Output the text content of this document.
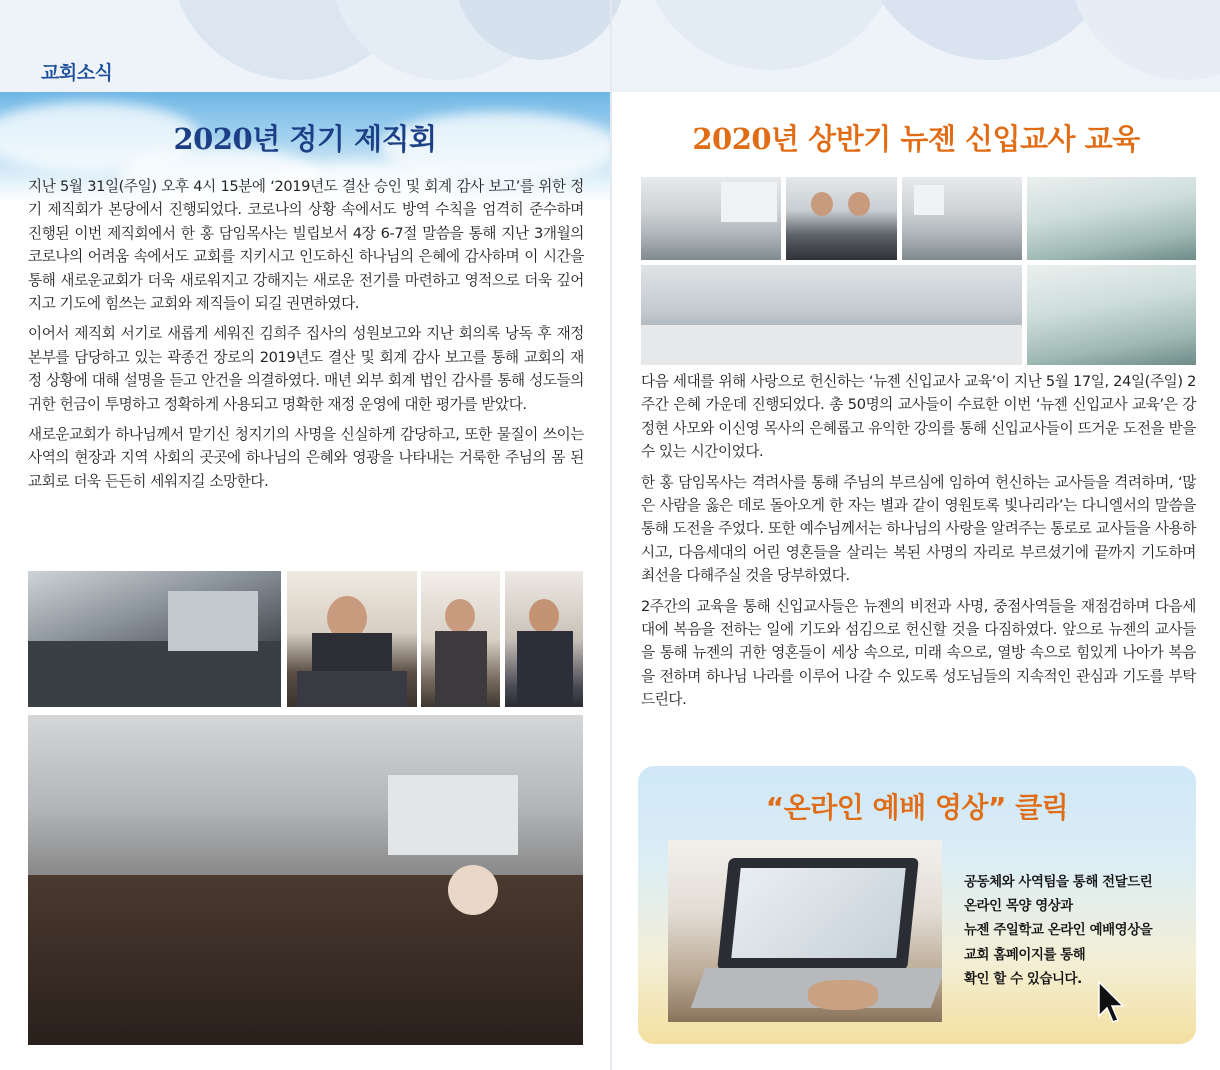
교회소식
2020년 정기 제직회	2020년 상반기 뉴젠 신입교사 교육

지난 5월 31일(주일) 오후 4시 15분에 ‘2019년도 결산 승인 및 회계 감사 보고’를 위한 정기 제직회가 본당에서 진행되었다. 코로나의 상황 속에서도 방역 수칙을 엄격히 준수하며 진행된 이번 제직회에서 한 홍 담임목사는 빌립보서 4장 6-7절 말씀을 통해 지난 3개월의 코로나의 어려움 속에서도 교회를 지키시고 인도하신 하나님의 은혜에 감사하며 이 시간을 통해 새로운교회가 더욱 새로워지고 강해지는 새로운 전기를 마련하고 영적으로 더욱 깊어지고 기도에 힘쓰는 교회와 제직들이 되길 권면하였다.

이어서 제직회 서기로 새롭게 세워진 김희주 집사의 성원보고와 지난 회의록 낭독 후 재정본부를 담당하고 있는 곽종건 장로의 2019년도 결산 및 회계 감사 보고를 통해 교회의 재정 상황에 대해 설명을 듣고 안건을 의결하였다. 매년 외부 회계 법인 감사를 통해 성도들의 귀한 헌금이 투명하고 정확하게 사용되고 명확한 재정 운영에 대한 평가를 받았다.

새로운교회가 하나님께서 맡기신 청지기의 사명을 신실하게 감당하고, 또한 물질이 쓰이는 사역의 현장과 지역 사회의 곳곳에 하나님의 은혜와 영광을 나타내는 거룩한 주님의 몸 된 교회로 더욱 든든히 세워지길 소망한다.

다음 세대를 위해 사랑으로 헌신하는 ‘뉴젠 신입교사 교육’이 지난 5월 17일, 24일(주일) 2주간 은혜 가운데 진행되었다. 총 50명의 교사들이 수료한 이번 ‘뉴젠 신입교사 교육’은 강정현 사모와 이신영 목사의 은혜롭고 유익한 강의를 통해 신입교사들이 뜨거운 도전을 받을 수 있는 시간이었다.

한 홍 담임목사는 격려사를 통해 주님의 부르심에 임하여 헌신하는 교사들을 격려하며, ‘많은 사람을 옳은 데로 돌아오게 한 자는 별과 같이 영원토록 빛나리라’는 다니엘서의 말씀을 통해 도전을 주었다. 또한 예수님께서는 하나님의 사랑을 알려주는 통로로 교사들을 사용하시고, 다음세대의 어린 영혼들을 살리는 복된 사명의 자리로 부르셨기에 끝까지 기도하며 최선을 다해주실 것을 당부하였다.

2주간의 교육을 통해 신입교사들은 뉴젠의 비전과 사명, 중점사역들을 재점검하며 다음세대에 복음을 전하는 일에 기도와 섬김으로 헌신할 것을 다짐하였다. 앞으로 뉴젠의 교사들을 통해 뉴젠의 귀한 영혼들이 세상 속으로, 미래 속으로, 열방 속으로 힘있게 나아가 복음을 전하며 하나님 나라를 이루어 나갈 수 있도록 성도님들의 지속적인 관심과 기도를 부탁드린다.

“온라인 예배 영상” 클릭
공동체와 사역팀을 통해 전달드린
온라인 목양 영상과
뉴젠 주일학교 온라인 예배영상을
교회 홈페이지를 통해
확인 할 수 있습니다.
